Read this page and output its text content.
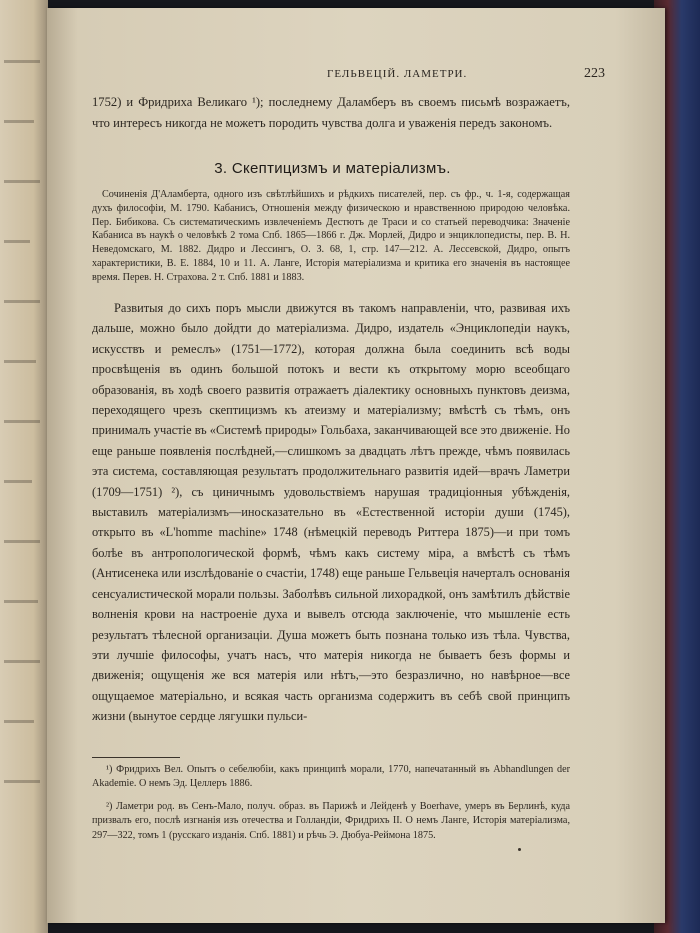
ГЕЛЬВЕЦІЙ. ЛАМЕТРИ.	223
1752) и Фридриха Великаго ¹); последнему Даламберъ въ своемъ письмѣ возражаетъ, что интересъ никогда не можетъ породить чувства долга и уваженія передъ закономъ.
3. Скептицизмъ и матеріализмъ.
Сочиненія Д'Аламберта, одного изъ свѣтлѣйшихъ и рѣдкихъ писателей, пер. съ фр., ч. 1-я, содержащая духъ философіи, М. 1790. Кабанисъ, Отношенія между физическою и нравственною природою человѣка. Пер. Бибикова. Съ систематическимъ извлеченіемъ Дестютъ де Траси и со статьей переводчика: Значеніе Кабаниса въ наукѣ о человѣкѣ 2 тома Спб. 1865—1866 г. Дж. Морлей, Дидро и энциклопедисты, пер. В. Н. Неведомскаго, М. 1882. Дидро и Лессингъ, О. З. 68, 1, стр. 147—212. А. Лессевской, Дидро, опытъ характеристики, В. Е. 1884, 10 и 11. А. Ланге, Исторія матеріализма и критика его значенія въ настоящее время. Перев. Н. Страхова. 2 т. Спб. 1881 и 1883.
Развитыя до сихъ поръ мысли движутся въ такомъ направленіи, что, развивая ихъ дальше, можно было дойдти до матеріализма. Дидро, издатель «Энциклопедіи наукъ, искусствъ и ремеслъ» (1751—1772), которая должна была соединить всѣ воды просвѣщенія въ одинъ большой потокъ и вести къ открытому морю всеобщаго образованія, въ ходѣ своего развитія отражаетъ діалектику основныхъ пунктовъ деизма, переходящего чрезъ скептицизмъ къ атеизму и матеріализму; вмѣстѣ съ тѣмъ, онъ принималъ участіе въ «Системѣ природы» Гольбаха, заканчивающей все это движеніе. Но еще раньше появленія послѣдней,—слишкомъ за двадцать лѣтъ прежде, чѣмъ появилась эта система, составляющая результатъ продолжительнаго развитія идей—врачъ Ламетри (1709—1751) ²), съ циничнымъ удовольствіемъ нарушая традиціонныя убѣжденія, выставилъ матеріализмъ—иносказательно въ «Естественной исторіи души (1745), открыто въ «L'homme machine» 1748 (нѣмецкій переводъ Риттера 1875)—и при томъ болѣе въ антропологической формѣ, чѣмъ какъ систему міра, а вмѣстѣ съ тѣмъ (Антисенека или изслѣдованіе о счастіи, 1748) еще раньше Гельвеція начерталъ основанія сенсуалистической морали пользы. Заболѣвъ сильной лихорадкой, онъ замѣтилъ дѣйствіе волненія крови на настроеніе духа и вывелъ отсюда заключеніе, что мышленіе есть результатъ тѣлесной организаціи. Душа можетъ быть познана только изъ тѣла. Чувства, эти лучшіе философы, учатъ насъ, что матерія никогда не бываетъ безъ формы и движенія; ощущенія же вся матерія или нѣтъ,—это безразлично, но навѣрное—все ощущаемое матеріально, и всякая часть организма содержитъ въ себѣ свой принципъ жизни (вынутое сердце лягушки пульси-
¹) Фридрихъ Вел. Опытъ о себелюбіи, какъ принципѣ морали, 1770, напечатанный въ Abhandlungen der Akademie. О немъ Эд. Целлеръ 1886.
²) Ламетри род. въ Сенъ-Мало, получ. образ. въ Парижѣ и Лейденѣ у Boerhave, умеръ въ Берлинѣ, куда призвалъ его, послѣ изгнанія изъ отечества и Голландіи, Фридрихъ II. О немъ Ланге, Исторія матеріализма, 297—322, томъ 1 (русскаго изданія. Спб. 1881) и рѣчь Э. Дюбуа-Реймона 1875.
